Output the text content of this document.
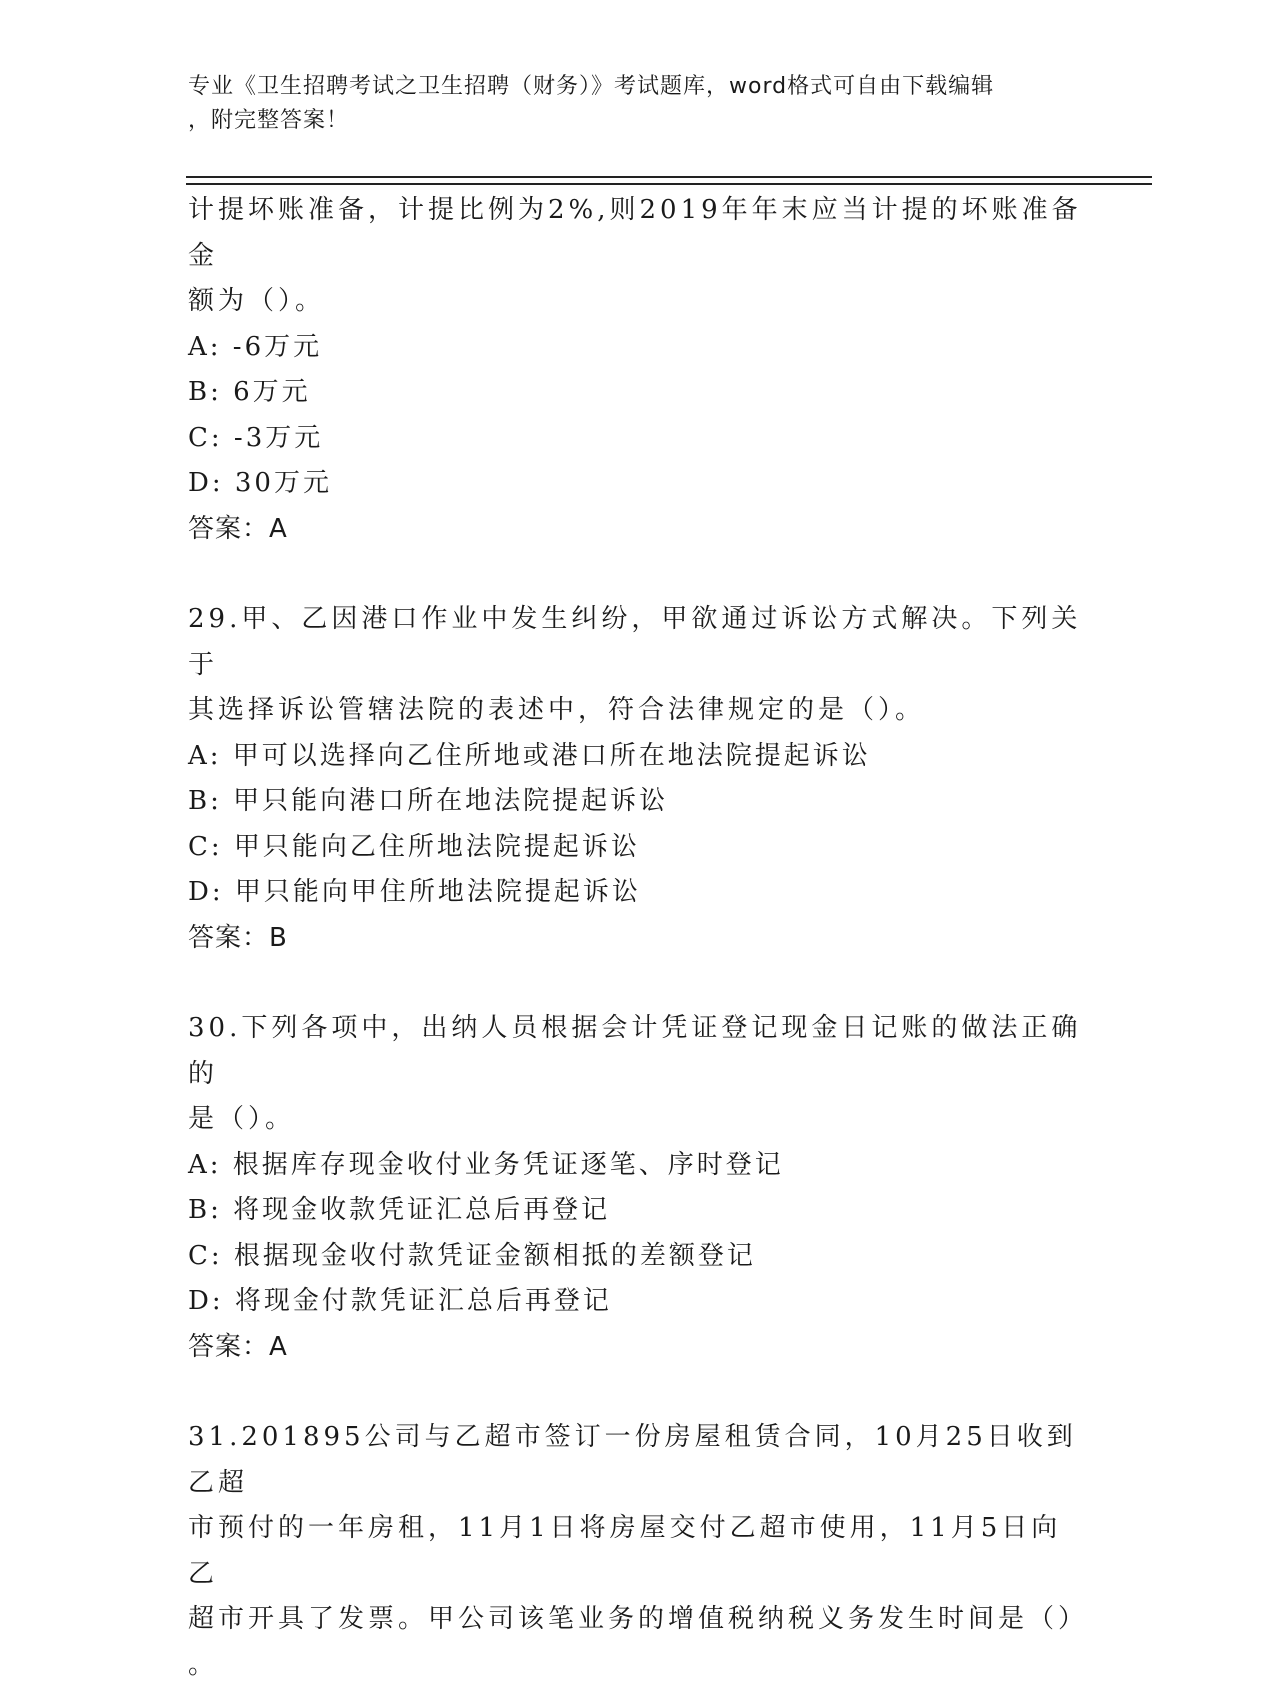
专业《卫生招聘考试之卫生招聘（财务）》考试题库，word格式可自由下载编辑
，附完整答案！

计提坏账准备，计提比例为2%,则2019年年末应当计提的坏账准备金

额为（）。

A: -6万元

B: 6万元

C: -3万元

D: 30万元

答案：A

29.甲、乙因港口作业中发生纠纷，甲欲通过诉讼方式解决。下列关于

其选择诉讼管辖法院的表述中，符合法律规定的是（）。

A: 甲可以选择向乙住所地或港口所在地法院提起诉讼

B: 甲只能向港口所在地法院提起诉讼

C: 甲只能向乙住所地法院提起诉讼

D: 甲只能向甲住所地法院提起诉讼

答案：B

30.下列各项中，出纳人员根据会计凭证登记现金日记账的做法正确的

是（）。

A: 根据库存现金收付业务凭证逐笔、序时登记

B: 将现金收款凭证汇总后再登记

C: 根据现金收付款凭证金额相抵的差额登记

D: 将现金付款凭证汇总后再登记

答案：A

31.201895公司与乙超市签订一份房屋租赁合同，10月25日收到乙超

市预付的一年房租，11月1日将房屋交付乙超市使用，11月5日向乙

超市开具了发票。甲公司该笔业务的增值税纳税义务发生时间是（）

。
